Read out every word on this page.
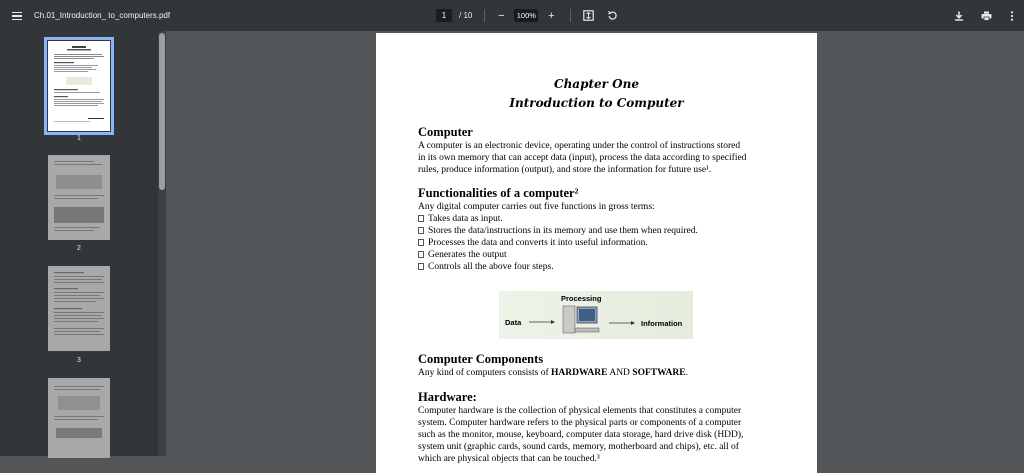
Ch.01_Introduction_ to_computers.pdf	1	/ 10	−	100%	+
1
2
3
Chapter One
Introduction to Computer
Computer
A computer is an electronic device, operating under the control of instructions stored
in its own memory that can accept data (input), process the data according to specified
rules, produce information (output), and store the information for future use¹.
Functionalities of a computer²
Any digital computer carries out five functions in gross terms:
Takes data as input.
Stores the data/instructions in its memory and use them when required.
Processes the data and converts it into useful information.
Generates the output
Controls all the above four steps.
Processing
Data	Information
Computer Components
Any kind of computers consists of HARDWARE AND SOFTWARE.
Hardware:
Computer hardware is the collection of physical elements that constitutes a computer
system. Computer hardware refers to the physical parts or components of a computer
such as the monitor, mouse, keyboard, computer data storage, hard drive disk (HDD),
system unit (graphic cards, sound cards, memory, motherboard and chips), etc. all of
which are physical objects that can be touched.³
